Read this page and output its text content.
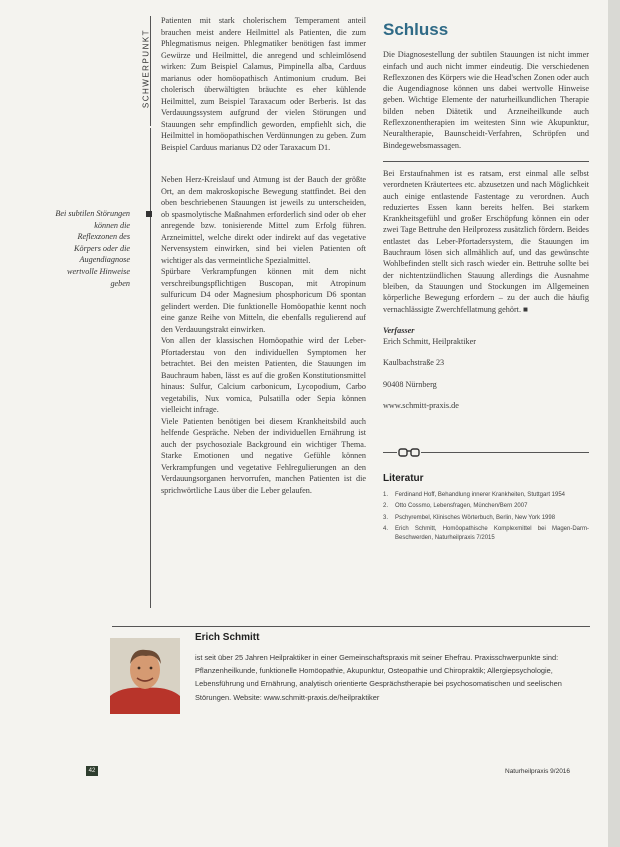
SCHWERPUNKT
Bei subtilen Störungen können die Reflexzonen des Körpers oder die Augendiagnose wertvolle Hinweise geben

Patienten mit stark cholerischem Temperament anteil brauchen meist andere Heilmittel als Patienten, die zum Phlegmatismus neigen. Phlegmatiker benötigen fast immer Gewürze und Heilmittel, die anregend und schleimlösend wirken: Zum Beispiel Calamus, Pimpinella alba, Carduus marianus oder homöopathisch Antimonium crudum. Bei cholerisch überwältigten bräuchte es eher kühlende Heilmittel, zum Beispiel Taraxacum oder Berberis. Ist das Verdauungssystem aufgrund der vielen Störungen und Stauungen sehr empfindlich geworden, empfiehlt sich, die Heilmittel in homöopathischen Verdünnungen zu geben. Zum Beispiel Carduus marianus D2 oder Taraxacum D1.

Neben Herz-Kreislauf und Atmung ist der Bauch der größte Ort, an dem makroskopische Bewegung stattfindet. Bei den oben beschriebenen Stauungen ist jeweils zu unterscheiden, ob spasmolytische Maßnahmen erforderlich sind oder ob eher anregende bzw. tonisierende Mittel zum Erfolg führen. Arzneimittel, welche direkt oder indirekt auf das vegetative Nervensystem einwirken, sind bei vielen Patienten oft wichtiger als das vermeintliche Spezialmittel.

Spürbare Verkrampfungen können mit dem nicht verschreibungspflichtigen Buscopan, mit Atropinum sulfuricum D4 oder Magnesium phosphoricum D6 spontan gelindert werden. Die funktionelle Homöopathie kennt noch eine ganze Reihe von Mitteln, die ebenfalls regulierend auf den Verdauungstrakt einwirken.

Von allen der klassischen Homöopathie wird der Leber-Pfortaderstau von den individuellen Symptomen her betrachtet. Bei den meisten Patienten, die Stauungen im Bauchraum haben, lässt es auf die großen Konstitutionsmittel hinaus: Sulfur, Calcium carbonicum, Lycopodium, Carbo vegetabilis, Nux vomica, Pulsatilla oder Sepia können vielleicht infrage.

Viele Patienten benötigen bei diesem Krankheitsbild auch helfende Gespräche. Neben der individuellen Ernährung ist auch der psychosoziale Background ein wichtiger Thema. Starke Emotionen und negative Gefühle können Verkrampfungen und vegetative Fehlregulierungen an den Verdauungsorganen hervorrufen, manchen Patienten ist die sprichwörtliche Laus über die Leber gelaufen.

Schluss

Die Diagnosestellung der subtilen Stauungen ist nicht immer einfach und auch nicht immer eindeutig. Die verschiedenen Reflexzonen des Körpers wie die Head'schen Zonen oder auch die Augendiagnose können uns dabei wertvolle Hinweise geben. Wichtige Elemente der naturheilkundlichen Therapie bilden neben Diätetik und Arzneiheilkunde auch Reflexzonentherapien im weitesten Sinn wie Akupunktur, Neuraltherapie, Baunscheidt-Verfahren, Schröpfen und Bindegewebsmassagen.

Bei Erstaufnahmen ist es ratsam, erst einmal alle selbst verordneten Kräutertees etc. abzusetzen und nach Möglichkeit auch einige entlastende Fastentage zu verordnen. Auch reduziertes Essen kann bereits helfen. Bei starkem Krankheitsgefühl und großer Erschöpfung können ein oder zwei Tage Bettruhe den Heilprozess zusätzlich fördern. Beides entlastet das Leber-Pfortadersystem, die Stauungen im Bauchraum lösen sich allmählich auf, und das gewünschte Wohlbefinden stellt sich rasch wieder ein. Bettruhe sollte bei der nichtentzündlichen Stauung allerdings die Ausnahme bleiben, da Stauungen und Stockungen im Allgemeinen körperliche Bewegung erfordern – zu der auch die häufig vernachlässigte Zwerchfellatmung gehört. ■

Verfasser

Erich Schmitt, Heilpraktiker

Kaulbachstraße 23

90408 Nürnberg

www.schmitt-praxis.de

Literatur
1.	Ferdinand Hoff, Behandlung innerer Krankheiten, Stuttgart 1954
2.	Otto Cossmo, Lebensfragen, München/Bern 2007
3.	Pschyrembel, Klinisches Wörterbuch, Berlin, New York 1998
4.	Erich Schmitt, Homöopathische Komplexmittel bei Magen-Darm-Beschwerden, Naturheilpraxis 7/2015
Erich Schmitt

ist seit über 25 Jahren Heilpraktiker in einer Gemeinschaftspraxis mit seiner Ehefrau. Praxisschwerpunkte sind: Pflanzenheilkunde, funktionelle Homöopathie, Akupunktur, Osteopathie und Chiropraktik; Allergiepsychologie, Lebensführung und Ernährung, analytisch orientierte Gesprächstherapie bei psychosomatischen und seelischen Störungen. Website: www.schmitt-praxis.de/heilpraktiker

42	Naturheilpraxis 9/2016
